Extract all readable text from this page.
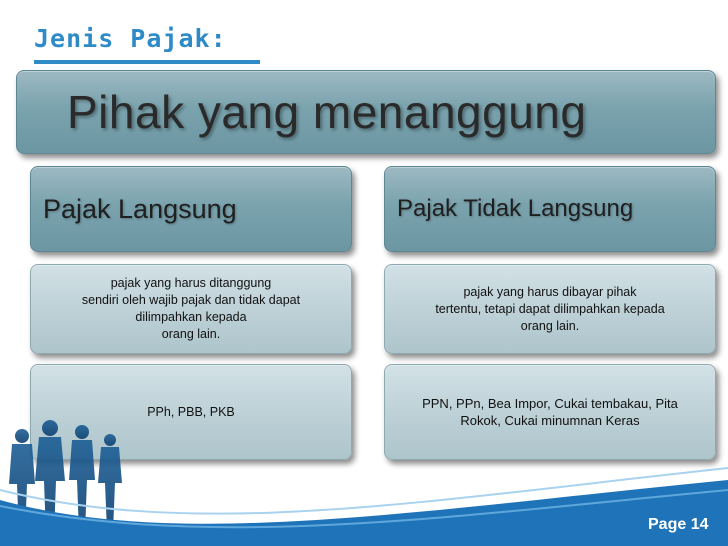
Jenis Pajak:
Pihak yang menanggung
Pajak Langsung	Pajak Tidak Langsung
pajak yang harus ditanggung
sendiri oleh wajib pajak dan tidak dapat
dilimpahkan kepada
orang lain.
pajak yang harus dibayar pihak
tertentu, tetapi dapat dilimpahkan kepada
orang lain.
PPh, PBB, PKB
PPN, PPn, Bea Impor, Cukai tembakau, Pita
Rokok, Cukai minumnan Keras
Page 14
